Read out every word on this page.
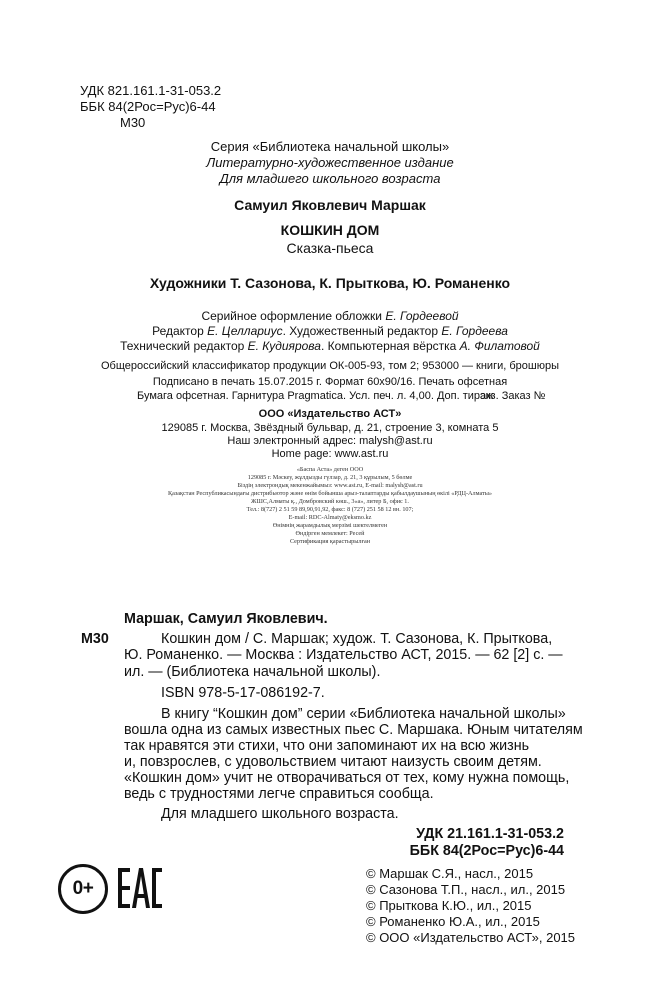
УДК 821.161.1-31-053.2
ББК 84(2Рос=Рус)6-44
М30
Серия «Библиотека начальной школы»
Литературно-художественное издание
Для младшего школьного возраста
Самуил Яковлевич Маршак
КОШКИН ДОМ
Сказка-пьеса
Художники Т. Сазонова, К. Прыткова, Ю. Романенко
Серийное оформление обложки Е. Гордеевой
Редактор Е. Целлариус. Художественный редактор Е. Гордеева
Технический редактор Е. Кудиярова. Компьютерная вёрстка А. Филатовой
Общероссийский классификатор продукции ОК-005-93, том 2; 953000 — книги, брошюры
Подписано в печать 15.07.2015 г. Формат 60х90/16. Печать офсетная
Бумага офсетная. Гарнитура Pragmatica. Усл. печ. л. 4,00. Доп. тираж
экз. Заказ №
ООО «Издательство АСТ»
129085 г. Москва, Звёздный бульвар, д. 21, строение 3, комната 5
Наш электронный адрес: malysh@ast.ru
Home page: www.ast.ru
«Баспа Аста» деген ООО
129085 г. Мәскеу, жұлдызды гүлзар, д. 21, 3 құрылым, 5 бөлме
Біздің электрондық мекенжайымыз: www.ast.ru, E-mail: malysh@ast.ru
Қазақстан Республикасындағы дистрибьютор және өнім бойынша арыз-талаптарды қабылдаушының өкілі «РДЦ-Алматы»
ЖШС,Алматы қ., Домбровский көш., 3«а», литер Б, офис 1.
Тел.: 8(727) 2 51 59 89,90,91,92, факс: 8 (727) 251 58 12 вн. 107;
E-mail: RDC-Almaty@eksmo.kz
Өнімнің жарамдылық мерзімі шектелмеген
Өндірген мемлекет: Ресей
Сертификация қарастырылған
Маршак, Самуил Яковлевич.
М30	Кошкин дом / С. Маршак; худож. Т. Сазонова, К. Прыткова,
Ю. Романенко. — Москва : Издательство АСТ, 2015. — 62 [2] с. —
ил. — (Библиотека начальной школы).
ISBN 978-5-17-086192-7.
В книгу “Кошкин дом” серии «Библиотека начальной школы»
вошла одна из самых известных пьес С. Маршака. Юным читателям
так нравятся эти стихи, что они запоминают их на всю жизнь
и, повзрослев, с удовольствием читают наизусть своим детям.
«Кошкин дом» учит не отворачиваться от тех, кому нужна помощь,
ведь с трудностями легче справиться сообща.
Для младшего школьного возраста.
УДК 21.161.1-31-053.2
ББК 84(2Рос=Рус)6-44
0+
© Маршак С.Я., насл., 2015
© Сазонова Т.П., насл., ил., 2015
© Прыткова К.Ю., ил., 2015
© Романенко Ю.А., ил., 2015
© ООО «Издательство АСТ», 2015
